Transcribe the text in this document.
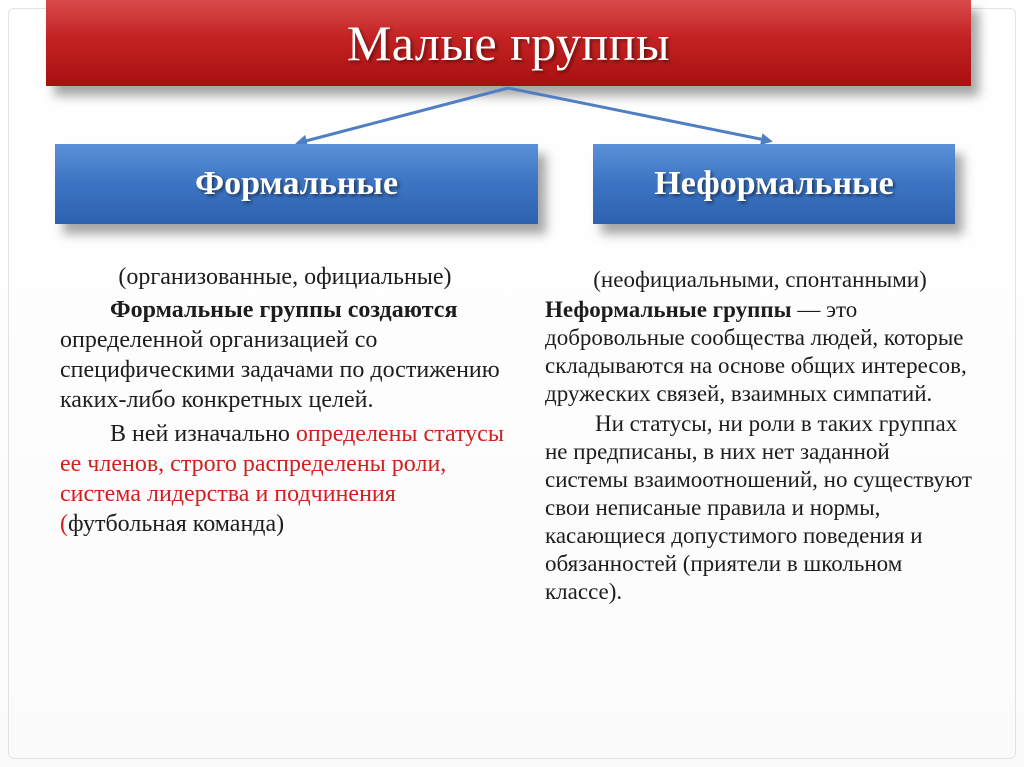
Малые группы
Формальные	Неформальные

(организованные, официальные)

Формальные группы создаются определенной организацией со специфическими задачами по достижению каких-либо конкретных целей.

В ней изначально определены статусы ее членов, строго распределены роли, система лидерства и подчинения (футбольная команда)

(неофициальными, спонтанными)

Неформальные группы — это добровольные сообщества людей, которые складываются на основе общих интересов, дружеских связей, взаимных симпатий.

Ни статусы, ни роли в таких группах не предписаны, в них нет заданной системы взаимоотношений, но существуют свои неписаные правила и нормы, касающиеся допустимого поведения и обязанностей (приятели в школьном классе).
